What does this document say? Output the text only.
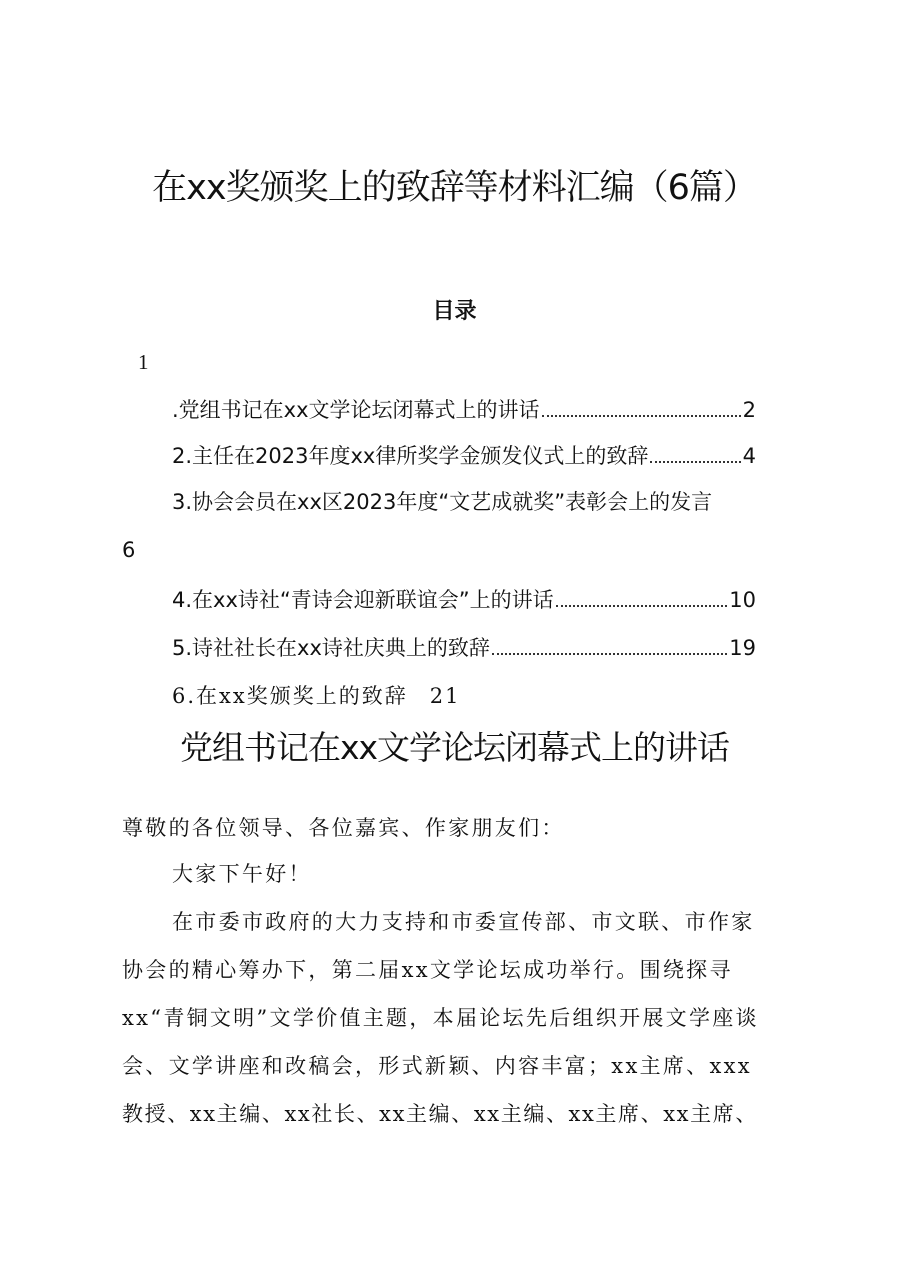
在xx奖颁奖上的致辞等材料汇编（6篇）
目录
1
.党组书记在xx文学论坛闭幕式上的讲话	2
2.主任在2023年度xx律所奖学金颁发仪式上的致辞	4
3.协会会员在xx区2023年度“文艺成就奖”表彰会上的发言
6
4.在xx诗社“青诗会迎新联谊会”上的讲话	10
5.诗社社长在xx诗社庆典上的致辞	19
6.在xx奖颁奖上的致辞 21
党组书记在xx文学论坛闭幕式上的讲话
尊敬的各位领导、各位嘉宾、作家朋友们：
大家下午好！
在市委市政府的大力支持和市委宣传部、市文联、市作家
协会的精心筹办下，第二届xx文学论坛成功举行。围绕探寻
xx“青铜文明”文学价值主题，本届论坛先后组织开展文学座谈
会、文学讲座和改稿会，形式新颖、内容丰富；xx主席、xxx
教授、xx主编、xx社长、xx主编、xx主编、xx主席、xx主席、
